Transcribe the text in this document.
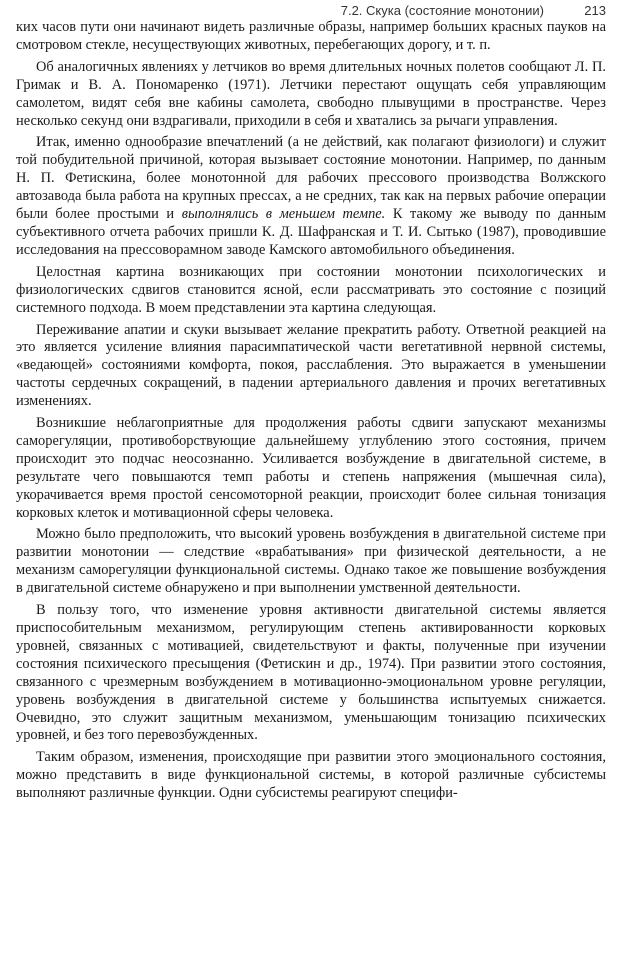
7.2. Скука (состояние монотонии)	213

ких часов пути они начинают видеть различные образы, например больших красных пауков на смотровом стекле, несуществующих животных, перебегающих дорогу, и т. п.

Об аналогичных явлениях у летчиков во время длительных ночных полетов сообщают Л. П. Гримак и В. А. Пономаренко (1971). Летчики перестают ощущать себя управляющим самолетом, видят себя вне кабины самолета, свободно плывущими в пространстве. Через несколько секунд они вздрагивали, приходили в себя и хватались за рычаги управления.

Итак, именно однообразие впечатлений (а не действий, как полагают физиологи) и служит той побудительной причиной, которая вызывает состояние монотонии. Например, по данным Н. П. Фетискина, более монотонной для рабочих прессового производства Волжского автозавода была работа на крупных прессах, а не средних, так как на первых рабочие операции были более простыми и выполнялись в меньшем темпе. К такому же выводу по данным субъективного отчета рабочих пришли К. Д. Шафранская и Т. И. Сытько (1987), проводившие исследования на прессоворамном заводе Камского автомобильного объединения.

Целостная картина возникающих при состоянии монотонии психологических и физиологических сдвигов становится ясной, если рассматривать это состояние с позиций системного подхода. В моем представлении эта картина следующая.

Переживание апатии и скуки вызывает желание прекратить работу. Ответной реакцией на это является усиление влияния парасимпатической части вегетативной нервной системы, «ведающей» состояниями комфорта, покоя, расслабления. Это выражается в уменьшении частоты сердечных сокращений, в падении артериального давления и прочих вегетативных изменениях.

Возникшие неблагоприятные для продолжения работы сдвиги запускают механизмы саморегуляции, противоборствующие дальнейшему углублению этого состояния, причем происходит это подчас неосознанно. Усиливается возбуждение в двигательной системе, в результате чего повышаются темп работы и степень напряжения (мышечная сила), укорачивается время простой сенсомоторной реакции, происходит более сильная тонизация корковых клеток и мотивационной сферы человека.

Можно было предположить, что высокий уровень возбуждения в двигательной системе при развитии монотонии — следствие «врабатывания» при физической деятельности, а не механизм саморегуляции функциональной системы. Однако такое же повышение возбуждения в двигательной системе обнаружено и при выполнении умственной деятельности.

В пользу того, что изменение уровня активности двигательной системы является приспособительным механизмом, регулирующим степень активированности корковых уровней, связанных с мотивацией, свидетельствуют и факты, полученные при изучении состояния психического пресыщения (Фетискин и др., 1974). При развитии этого состояния, связанного с чрезмерным возбуждением в мотивационно-эмоциональном уровне регуляции, уровень возбуждения в двигательной системе у большинства испытуемых снижается. Очевидно, это служит защитным механизмом, уменьшающим тонизацию психических уровней, и без того перевозбужденных.

Таким образом, изменения, происходящие при развитии этого эмоционального состояния, можно представить в виде функциональной системы, в которой различные субсистемы выполняют различные функции. Одни субсистемы реагируют специфи-
